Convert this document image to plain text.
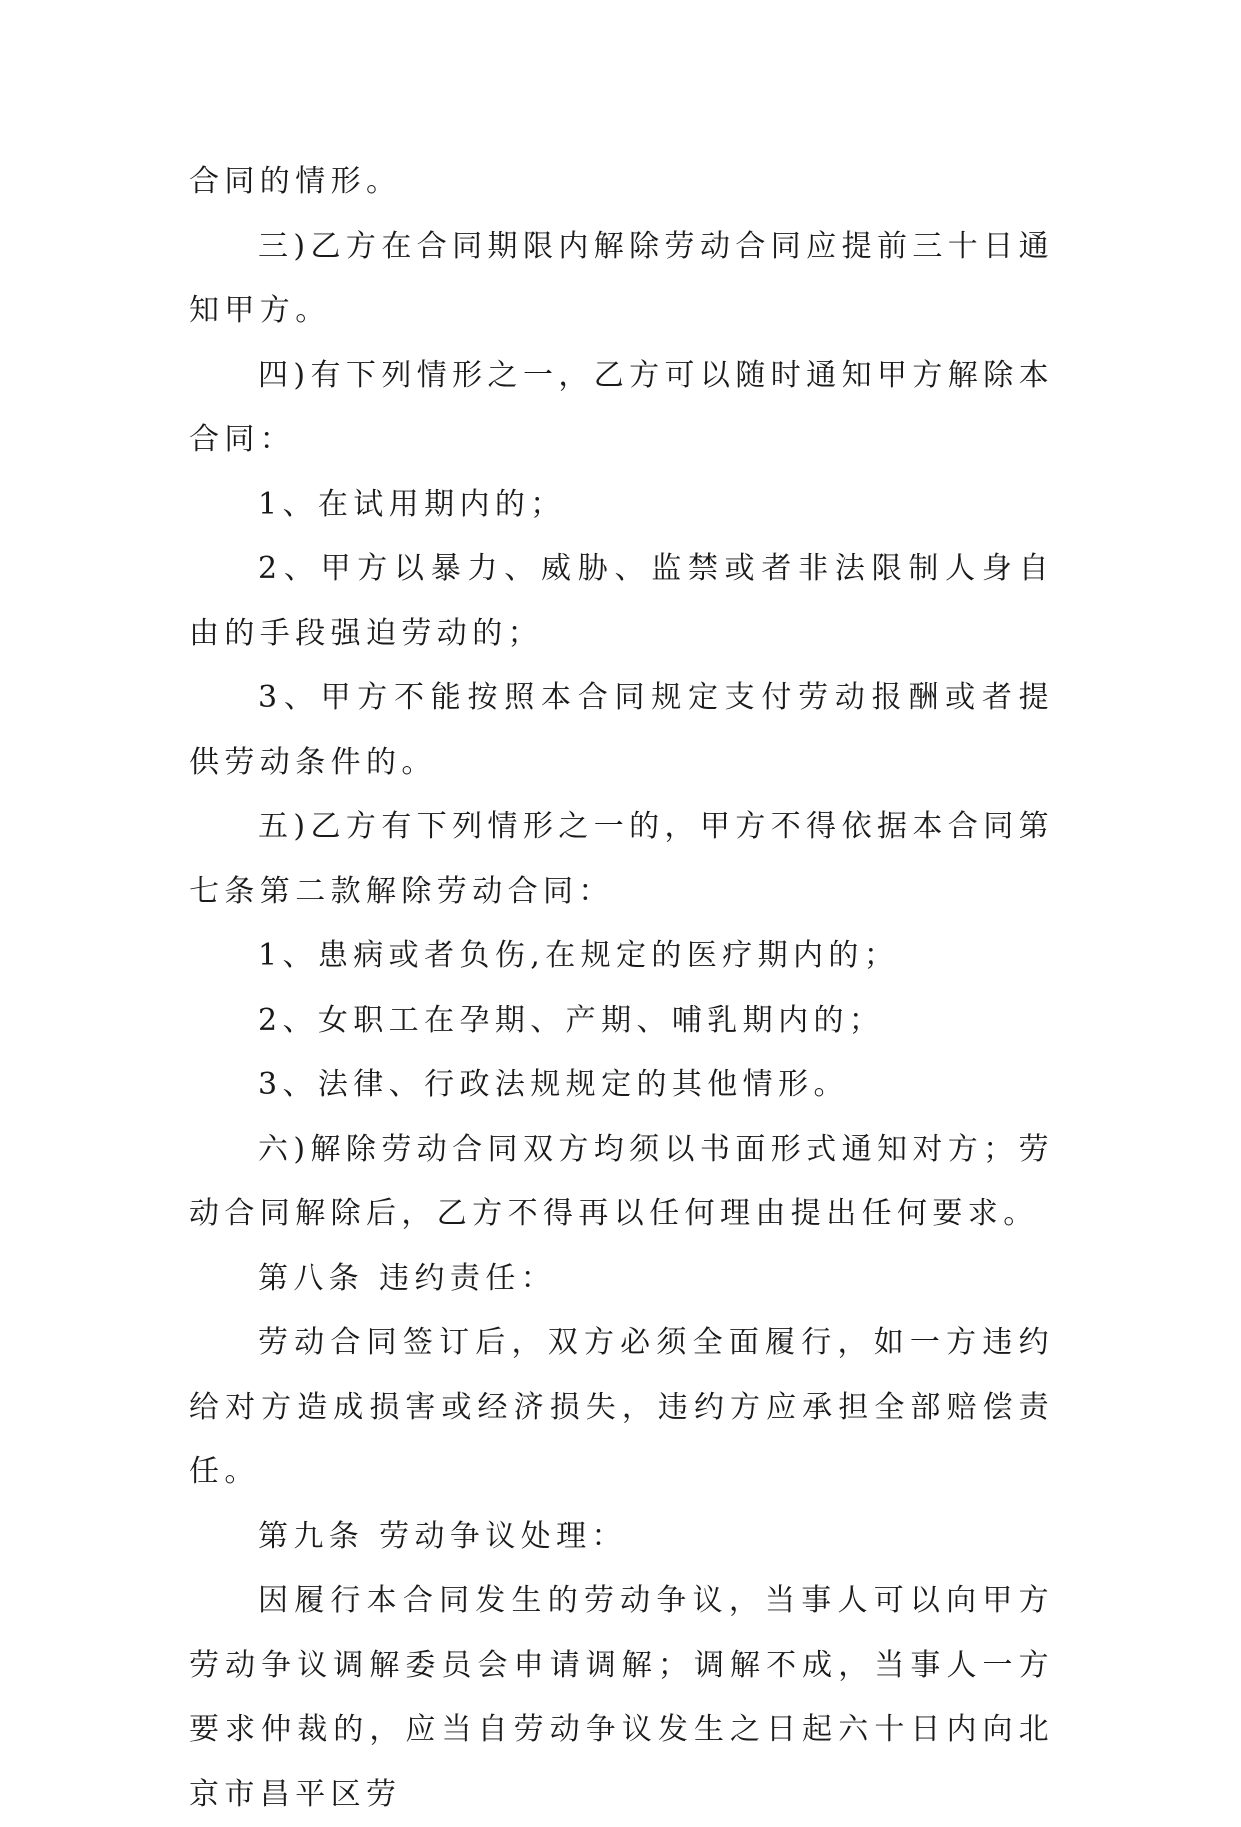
合同的情形。

三)乙方在合同期限内解除劳动合同应提前三十日通知甲方。

四)有下列情形之一，乙方可以随时通知甲方解除本合同：

1、在试用期内的；

2、甲方以暴力、威胁、监禁或者非法限制人身自由的手段强迫劳动的；

3、甲方不能按照本合同规定支付劳动报酬或者提供劳动条件的。

五)乙方有下列情形之一的，甲方不得依据本合同第七条第二款解除劳动合同：

1、患病或者负伤,在规定的医疗期内的；

2、女职工在孕期、产期、哺乳期内的；

3、法律、行政法规规定的其他情形。

六)解除劳动合同双方均须以书面形式通知对方；劳动合同解除后，乙方不得再以任何理由提出任何要求。

第八条 违约责任：

劳动合同签订后，双方必须全面履行，如一方违约给对方造成损害或经济损失，违约方应承担全部赔偿责任。

第九条 劳动争议处理：

因履行本合同发生的劳动争议，当事人可以向甲方劳动争议调解委员会申请调解；调解不成，当事人一方要求仲裁的，应当自劳动争议发生之日起六十日内向北京市昌平区劳
